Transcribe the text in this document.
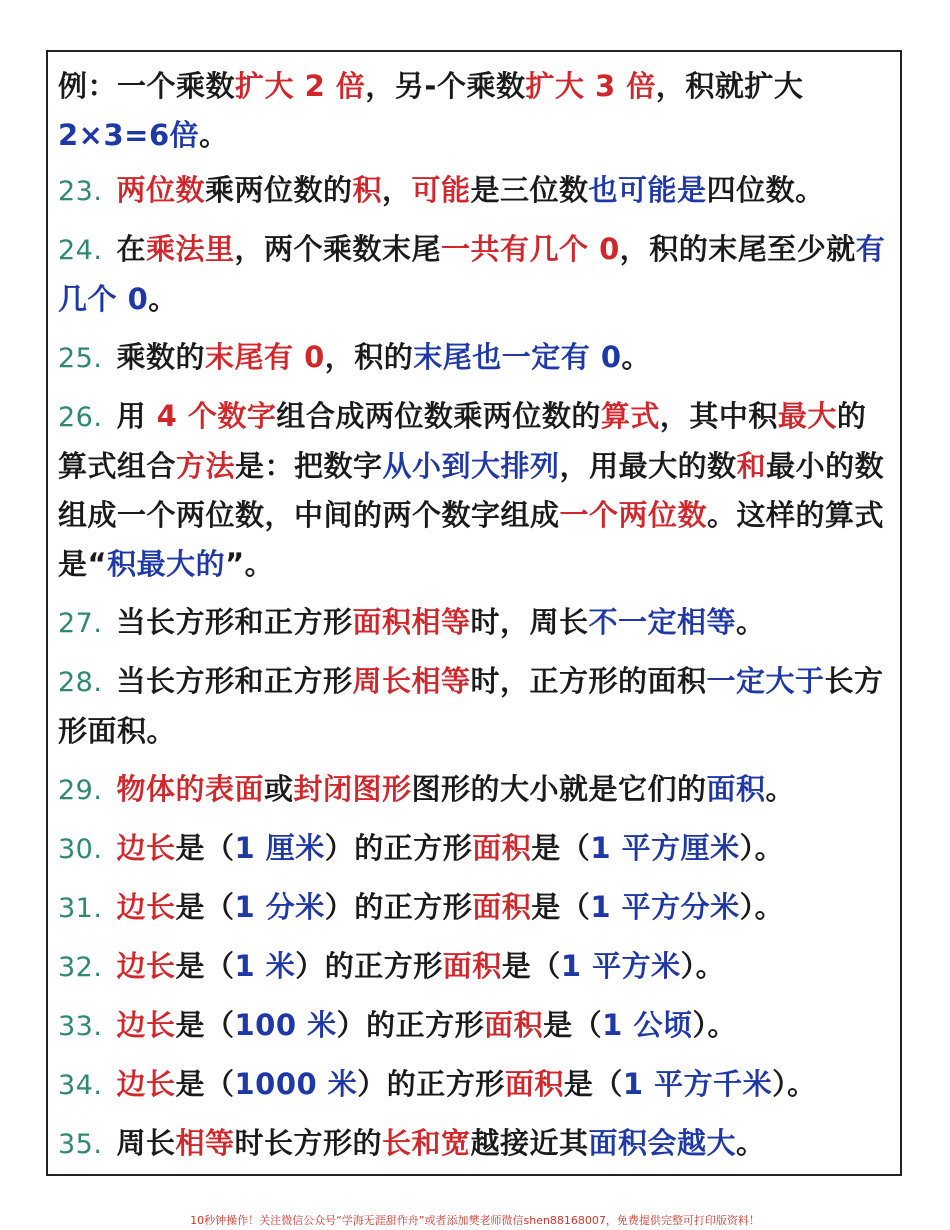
例：一个乘数扩大 2 倍，另-个乘数扩大 3 倍，积就扩大 2×3=6倍。
23. 两位数乘两位数的积，可能是三位数也可能是四位数。
24. 在乘法里，两个乘数末尾一共有几个 0，积的末尾至少就有几个 0。
25. 乘数的末尾有 0，积的末尾也一定有 0。
26. 用 4 个数字组合成两位数乘两位数的算式，其中积最大的算式组合方法是：把数字从小到大排列，用最大的数和最小的数组成一个两位数，中间的两个数字组成一个两位数。这样的算式是“积最大的”。
27. 当长方形和正方形面积相等时，周长不一定相等。
28. 当长方形和正方形周长相等时，正方形的面积一定大于长方形面积。
29. 物体的表面或封闭图形图形的大小就是它们的面积。
30. 边长是（1 厘米）的正方形面积是（1 平方厘米）。
31. 边长是（1 分米）的正方形面积是（1 平方分米）。
32. 边长是（1 米）的正方形面积是（1 平方米）。
33. 边长是（100 米）的正方形面积是（1 公顷）。
34. 边长是（1000 米）的正方形面积是（1 平方千米）。
35. 周长相等时长方形的长和宽越接近其面积会越大。
10秒钟操作！关注微信公众号“学海无涯甜作舟”或者添加樊老师微信shen88168007，免费提供完整可打印版资料！
